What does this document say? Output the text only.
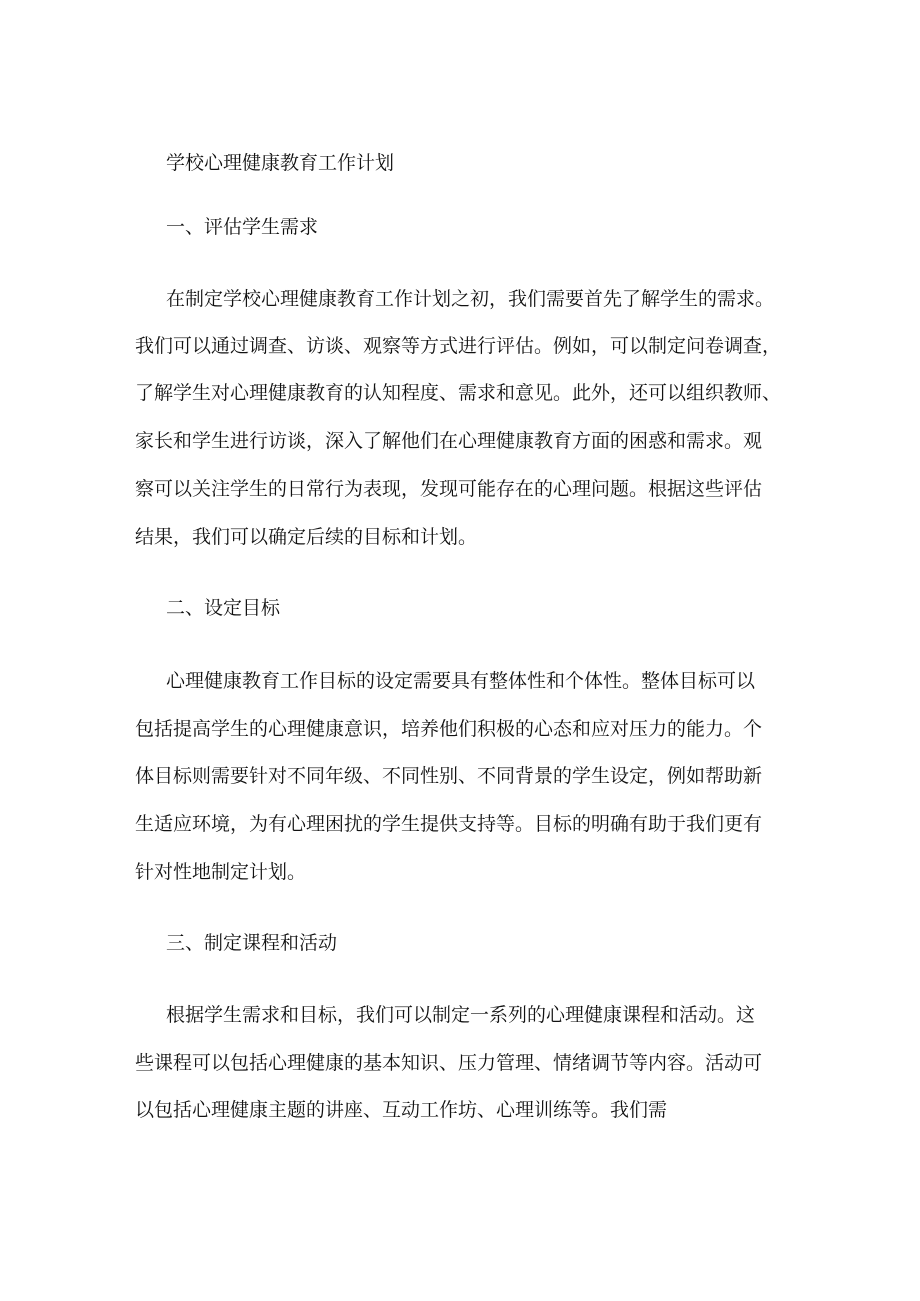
学校心理健康教育工作计划
一、评估学生需求
在制定学校心理健康教育工作计划之初，我们需要首先了解学生的需求。
我们可以通过调查、访谈、观察等方式进行评估。例如，可以制定问卷调查，
了解学生对心理健康教育的认知程度、需求和意见。此外，还可以组织教师、
家长和学生进行访谈，深入了解他们在心理健康教育方面的困惑和需求。观
察可以关注学生的日常行为表现，发现可能存在的心理问题。根据这些评估
结果，我们可以确定后续的目标和计划。
二、设定目标
心理健康教育工作目标的设定需要具有整体性和个体性。整体目标可以
包括提高学生的心理健康意识，培养他们积极的心态和应对压力的能力。个
体目标则需要针对不同年级、不同性别、不同背景的学生设定，例如帮助新
生适应环境，为有心理困扰的学生提供支持等。目标的明确有助于我们更有
针对性地制定计划。
三、制定课程和活动
根据学生需求和目标，我们可以制定一系列的心理健康课程和活动。这
些课程可以包括心理健康的基本知识、压力管理、情绪调节等内容。活动可
以包括心理健康主题的讲座、互动工作坊、心理训练等。我们需
